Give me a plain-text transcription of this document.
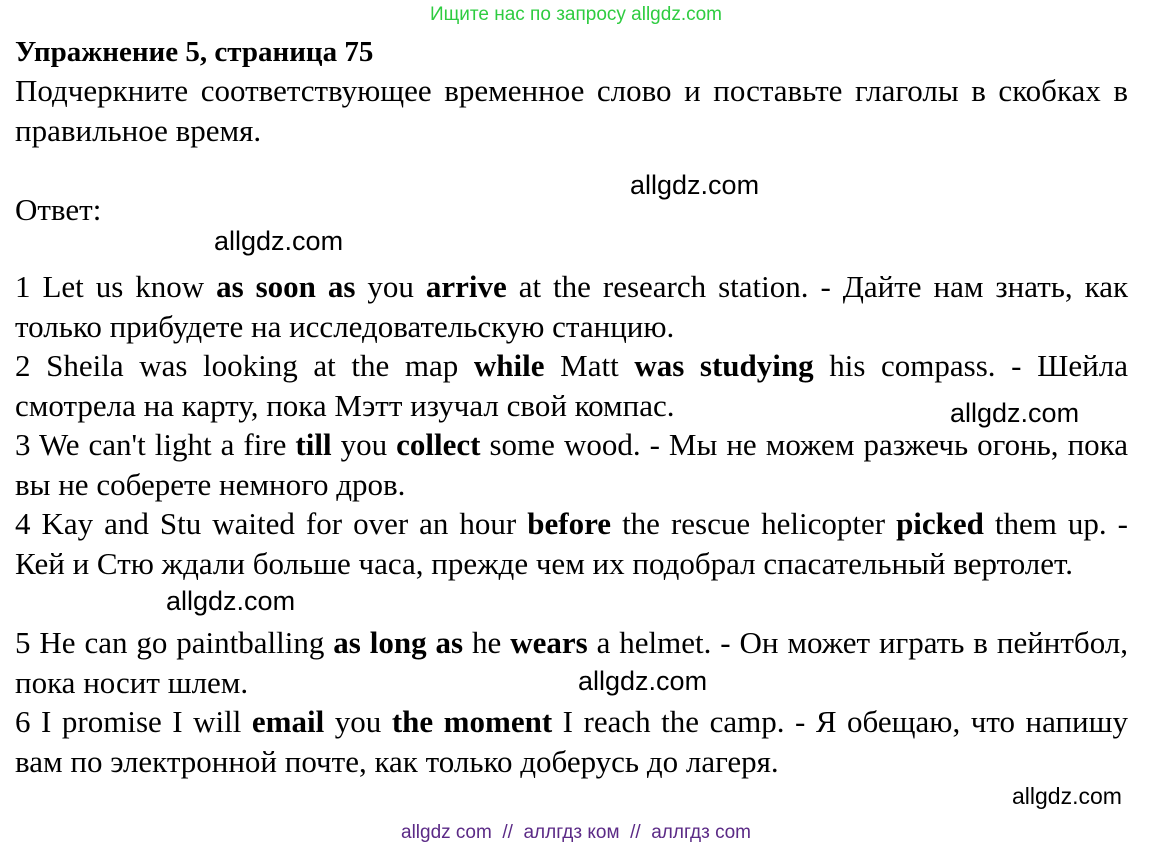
Ищите нас по запросу allgdz.com
Упражнение 5, страница 75
Подчеркните соответствующее временное слово и поставьте глаголы в скобках в правильное время.
Ответ:
allgdz.com
allgdz.com
1 Let us know as soon as you arrive at the research station. - Дайте нам знать, как только прибудете на исследовательскую станцию.
2 Sheila was looking at the map while Matt was studying his compass. - Шейла смотрела на карту, пока Мэтт изучал свой компас.	allgdz.com
3 We can't light a fire till you collect some wood. - Мы не можем разжечь огонь, пока вы не соберете немного дров.
4 Kay and Stu waited for over an hour before the rescue helicopter picked them up. - Кей и Стю ждали больше часа, прежде чем их подобрал спасательный вертолет.
allgdz.com
5 He can go paintballing as long as he wears a helmet. - Он может играть в пейнтбол, пока носит шлем.	allgdz.com
6 I promise I will email you the moment I reach the camp. - Я обещаю, что напишу вам по электронной почте, как только доберусь до лагеря.
allgdz.com
allgdz com  //  аллгдз ком  //  аллгдз com
